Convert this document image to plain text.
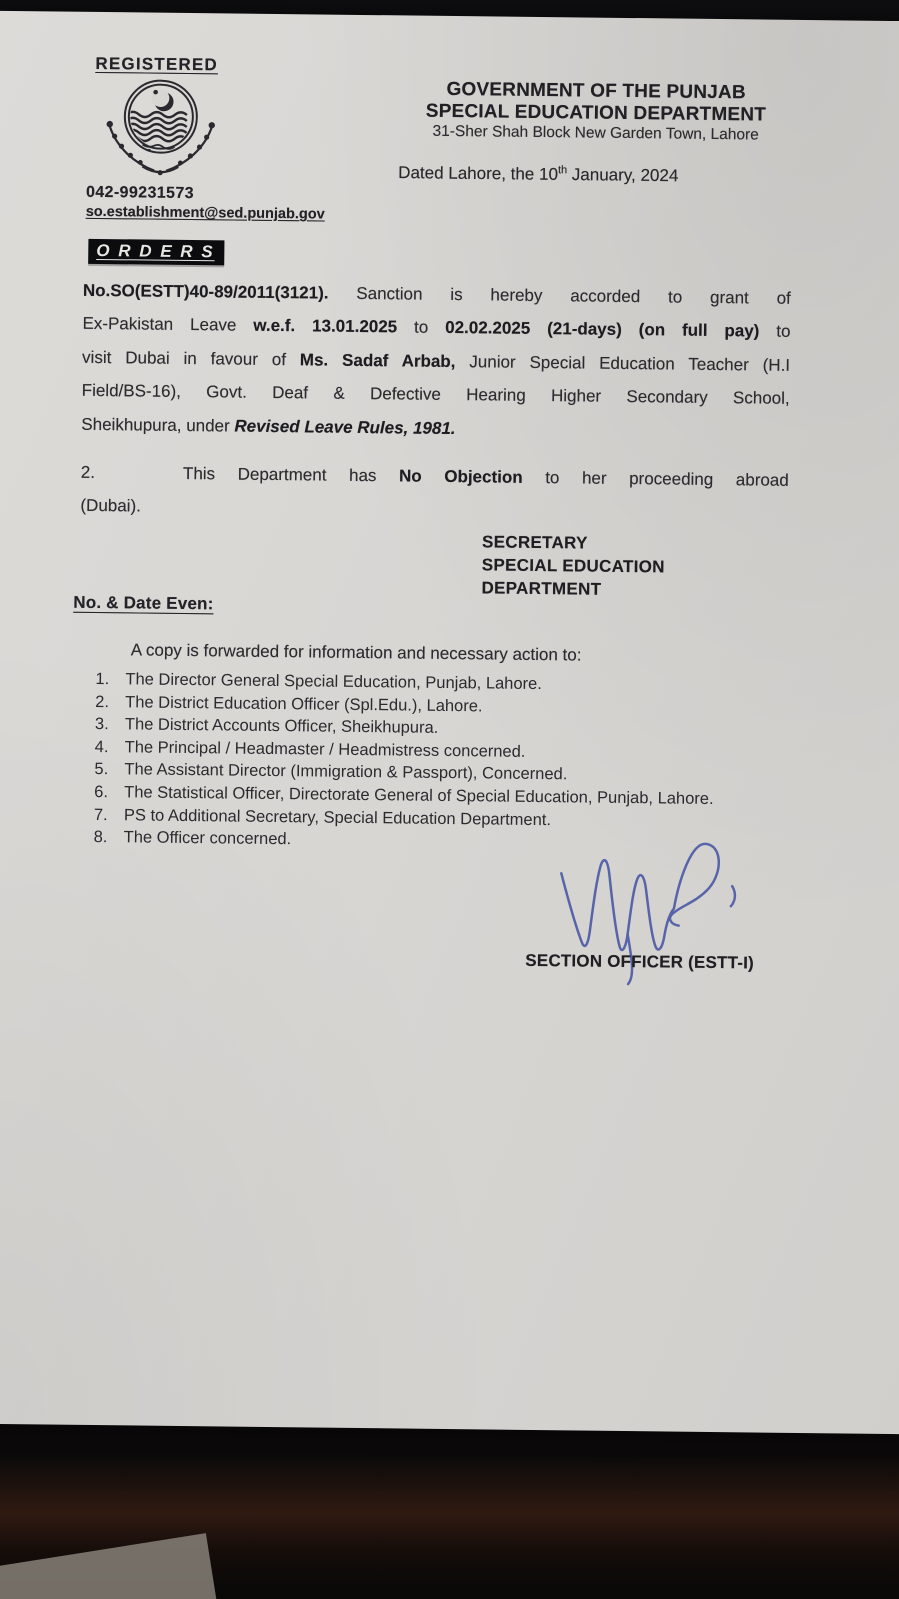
REGISTERED
042-99231573
so.establishment@sed.punjab.gov
GOVERNMENT OF THE PUNJAB
SPECIAL EDUCATION DEPARTMENT
31-Sher Shah Block New Garden Town, Lahore
Dated Lahore, the 10th January, 2024
O R D E R S
No.SO(ESTT)40-89/2011(3121). Sanction is hereby accorded to grant of
Ex-Pakistan Leave w.e.f. 13.01.2025 to 02.02.2025 (21-days) (on full pay) to
visit Dubai in favour of Ms. Sadaf Arbab, Junior Special Education Teacher (H.I
Field/BS-16), Govt. Deaf & Defective Hearing Higher Secondary School,
Sheikhupura, under Revised Leave Rules, 1981.
2.	This Department has No Objection to her proceeding abroad
(Dubai).
SECRETARY
SPECIAL EDUCATION
DEPARTMENT
No. & Date Even:
A copy is forwarded for information and necessary action to:
The Director General Special Education, Punjab, Lahore.
The District Education Officer (Spl.Edu.), Lahore.
The District Accounts Officer, Sheikhupura.
The Principal / Headmaster / Headmistress concerned.
The Assistant Director (Immigration & Passport), Concerned.
The Statistical Officer, Directorate General of Special Education, Punjab, Lahore.
PS to Additional Secretary, Special Education Department.
The Officer concerned.
SECTION OFFICER (ESTT-I)
